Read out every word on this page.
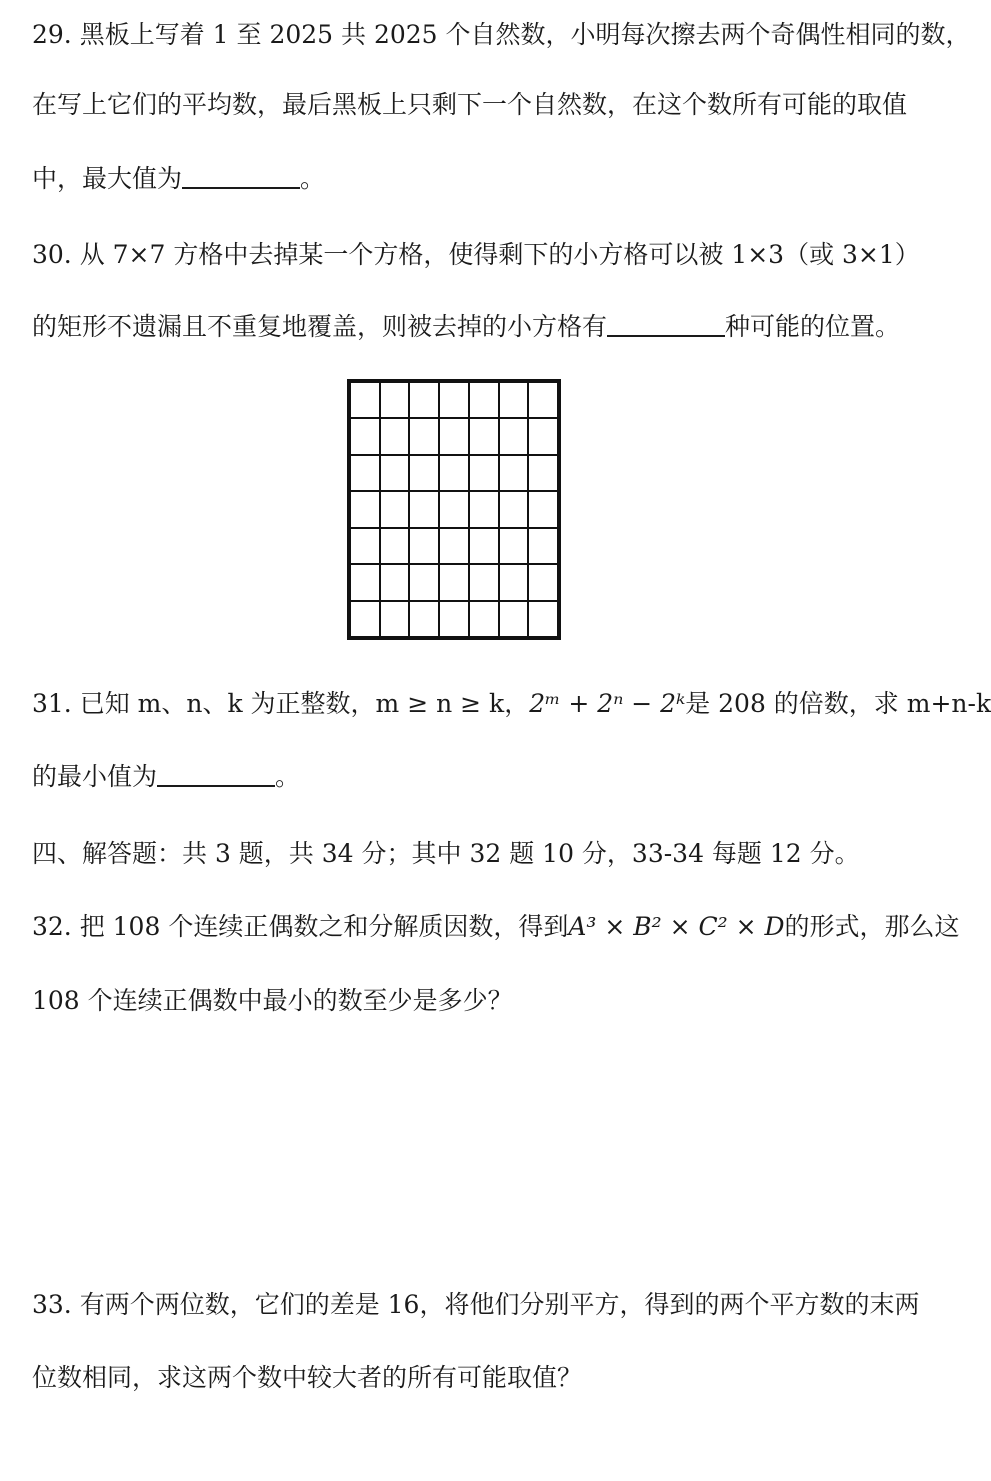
29. 黑板上写着 1 至 2025 共 2025 个自然数，小明每次擦去两个奇偶性相同的数，
在写上它们的平均数，最后黑板上只剩下一个自然数，在这个数所有可能的取值
中，最大值为	。
30. 从 7×7 方格中去掉某一个方格，使得剩下的小方格可以被 1×3（或 3×1）
的矩形不遗漏且不重复地覆盖，则被去掉的小方格有	种可能的位置。
31. 已知 m、n、k 为正整数，m ≥ n ≥ k，2ᵐ + 2ⁿ − 2ᵏ是 208 的倍数，求 m+n-k
的最小值为	。
四、解答题：共 3 题，共 34 分；其中 32 题 10 分，33-34 每题 12 分。
32. 把 108 个连续正偶数之和分解质因数，得到A³ × B² × C² × D的形式，那么这
108 个连续正偶数中最小的数至少是多少？
33. 有两个两位数，它们的差是 16，将他们分别平方，得到的两个平方数的末两
位数相同，求这两个数中较大者的所有可能取值？
